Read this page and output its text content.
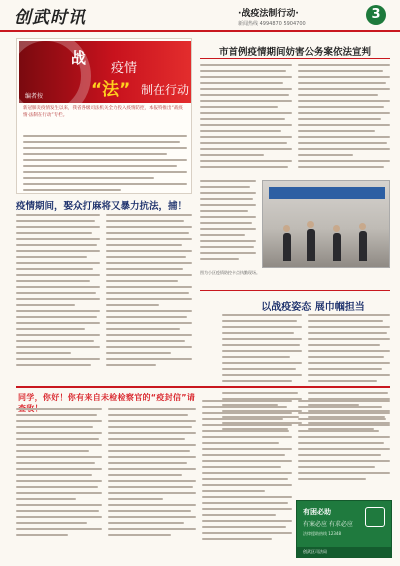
创武时讯	·战疫法制行动·
新闻热线 4994870 5904700
3
战
疫情
“法” 制在行动
编者按
新冠肺炎疫情发生以来，我省各级司法机关全力投入疫情防控，本报特推出“战疫情·法制在行动”专栏。
市首例疫情期间妨害公务案依法宣判
图为小区疫情防控卡点执勤现场。
疫情期间，娶众打麻将又暴力抗法，捕！
以战疫姿态 展巾帼担当
同学，你好！你有来自未检检察官的“疫封信”请
有困必助
有案必应 有求必应
法律援助热线 12348
创武区司法局
